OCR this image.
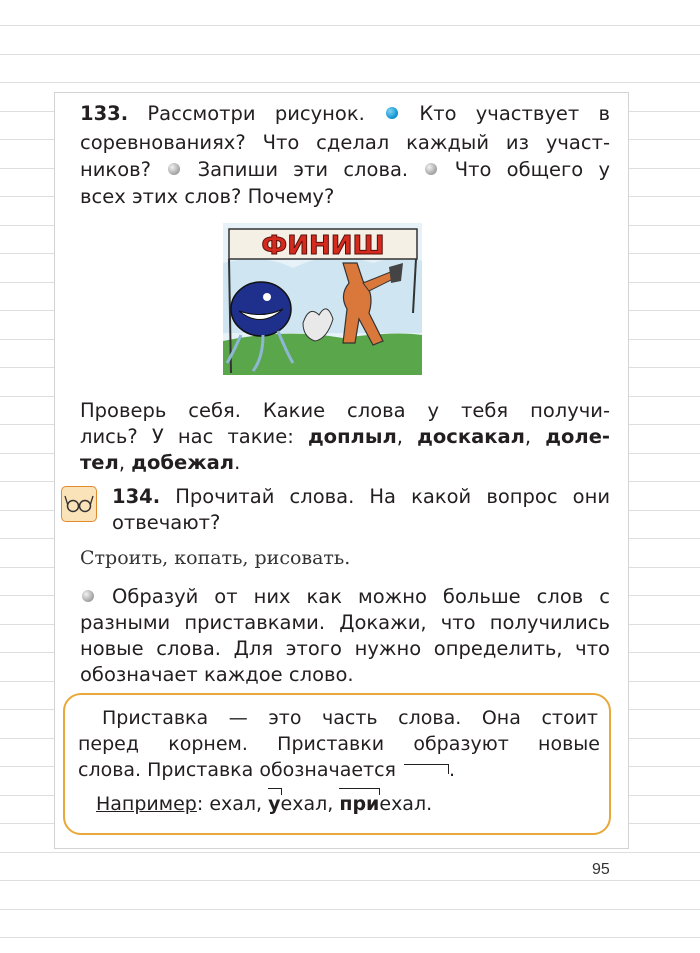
133. Рассмотри рисунок.	Кто участвует в
соревнованиях? Что сделал каждый из участ-
ников? Запиши эти слова. Что общего у
всех этих слов? Почему?
ФИНИШ
Проверь себя. Какие слова у тебя получи-
лись? У нас такие: доплыл, доскакал, доле-
тел, добежал.
134. Прочитай слова. На какой вопрос они
отвечают?
Строить, копать, рисовать.
Образуй от них как можно больше слов с
разными приставками. Докажи, что получились
новые слова. Для этого нужно определить, что
обозначает каждое слово.
Приставка — это часть слова. Она стоит
перед корнем. Приставки образуют новые
слова. Приставка обозначается	.
Например: ехал, уехал, приехал.
95
